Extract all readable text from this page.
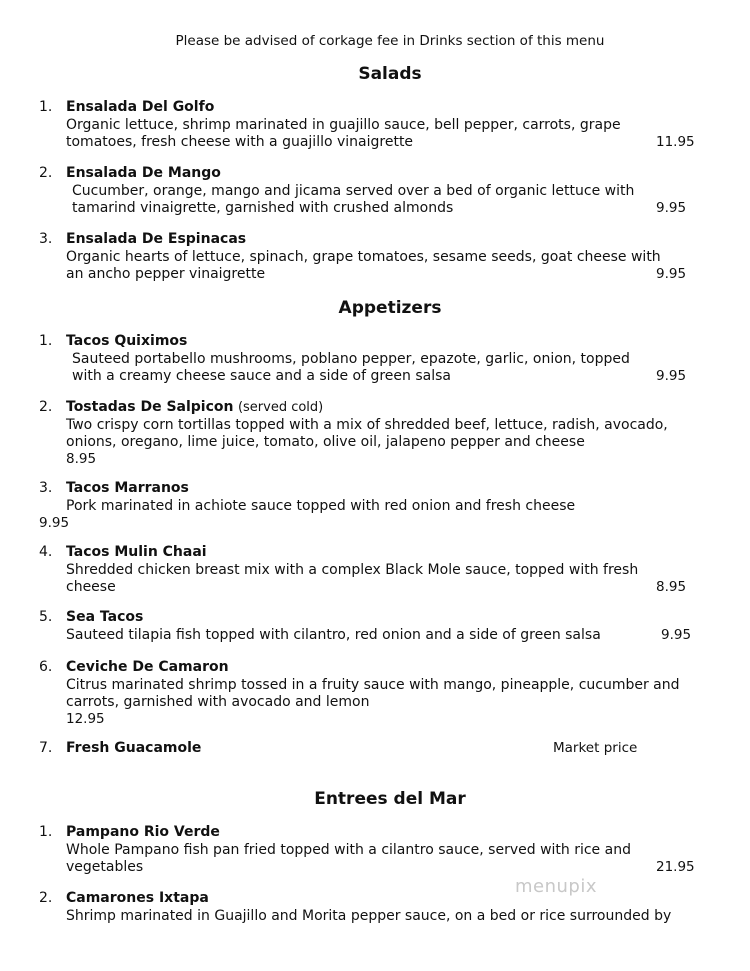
Please be advised of corkage fee in Drinks section of this menu
Salads
1. Ensalada Del Golfo
Organic lettuce, shrimp marinated in guajillo sauce, bell pepper, carrots, grape
tomatoes, fresh cheese with a guajillo vinaigrette	11.95
2. Ensalada De Mango
Cucumber, orange, mango and jicama served over a bed of organic lettuce with
tamarind vinaigrette, garnished with crushed almonds	9.95
3. Ensalada De Espinacas
Organic hearts of lettuce, spinach, grape tomatoes, sesame seeds, goat cheese with
an ancho pepper vinaigrette	9.95
Appetizers
1. Tacos Quiximos
Sauteed portabello mushrooms, poblano pepper, epazote, garlic, onion, topped
with a creamy cheese sauce and a side of green salsa	9.95
2. Tostadas De Salpicon (served cold)
Two crispy corn tortillas topped with a mix of shredded beef, lettuce, radish, avocado,
onions, oregano, lime juice, tomato, olive oil, jalapeno pepper and cheese
8.95
3. Tacos Marranos
Pork marinated in achiote sauce topped with red onion and fresh cheese
9.95
4. Tacos Mulin Chaai
Shredded chicken breast mix with a complex Black Mole sauce, topped with fresh
cheese	8.95
5. Sea Tacos
Sauteed tilapia fish topped with cilantro, red onion and a side of green salsa	9.95
6. Ceviche De Camaron
Citrus marinated shrimp tossed in a fruity sauce with mango, pineapple, cucumber and
carrots, garnished with avocado and lemon
12.95
7. Fresh Guacamole	Market price
Entrees del Mar
1. Pampano Rio Verde
Whole Pampano fish pan fried topped with a cilantro sauce, served with rice and
vegetables	21.95
2. Camarones Ixtapa
Shrimp marinated in Guajillo and Morita pepper sauce, on a bed or rice surrounded by
menupix
